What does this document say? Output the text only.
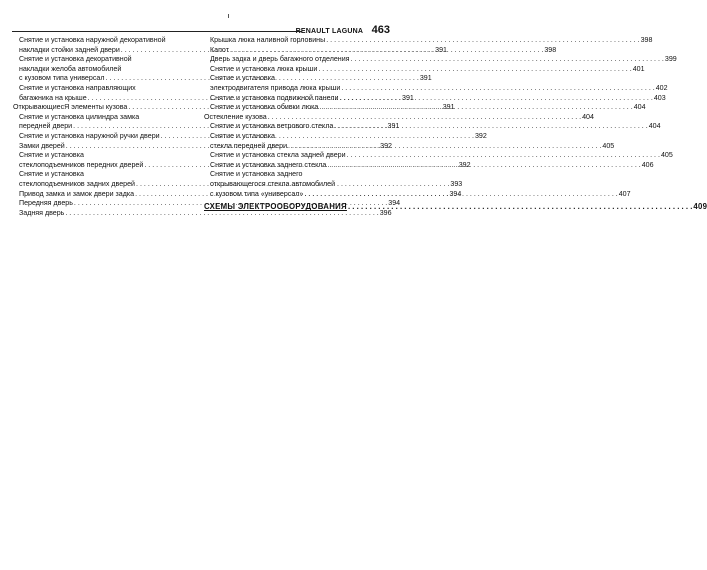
RENAULT LAGUNA 463
Снятие и установка наружной декоративной
накладки стойки задней двери . . .	391
Снятие и установка декоративной
накладки желоба автомобилей
с кузовом типа универсал . . .	391
Снятие и установка направляющих
багажника на крыше . . .	391
ОткрывающиесЯ элементы кузова . . .	391
Снятие и установка цилиндра замка
передней двери . . .	391
Снятие и установка наружной ручки двери . . .	392
Замки дверей . . .	392
Снятие и установка
стеклоподъемников передних дверей . . .	392
Снятие и установка
стеклоподъемников задних дверей . . .	393
Привод замка и замок двери задка . . .	394
Передняя дверь . . .	394
Задняя дверь . . .	396
Крышка люка наливной горловины . . .	398
Капот . . .	398
Дверь задка и дверь багажного отделения . . .	399
Снятие и установка люка крыши . . .	401
Снятие и установка
электродвигателя привода люка крыши . . .	402
Снятие и установка подвижной панели . . .	403
Снятие и установка обивки люка . . .	404
Остекление кузова . . .	404
Снятие и установка ветрового стекла . . .	404
Снятие и установка
стекла передней двери . . .	405
Снятие и установка стекла задней двери . . .	405
Снятие и установка заднего стекла . . .	406
Снятие и установка заднего
открывающегося стекла автомобилей
с кузовом типа «универсал» . . .	407
СХЕМЫ ЭЛЕКТРООБОРУДОВАНИЯ . . .	409
